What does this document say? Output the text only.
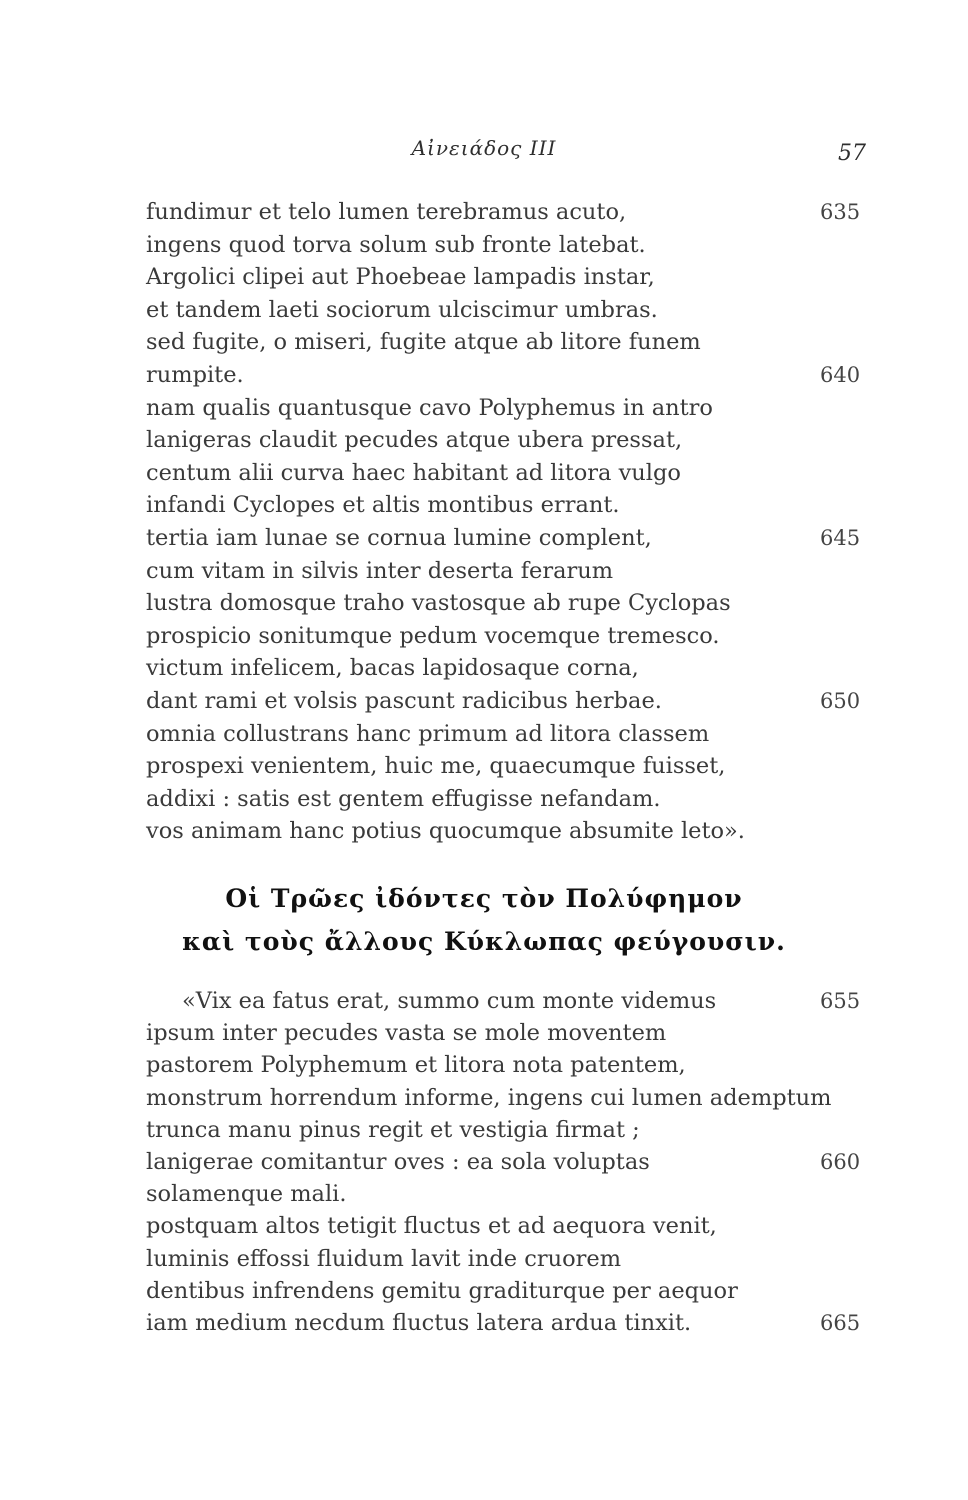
Αἰνειάδος III	57
fundimur et telo lumen terebramus acuto,	635
ingens quod torva solum sub fronte latebat.
Argolici clipei aut Phoebeae lampadis instar,
et tandem laeti sociorum ulciscimur umbras.
sed fugite, o miseri, fugite atque ab litore funem
rumpite.	640
nam qualis quantusque cavo Polyphemus in antro
lanigeras claudit pecudes atque ubera pressat,
centum alii curva haec habitant ad litora vulgo
infandi Cyclopes et altis montibus errant.
tertia iam lunae se cornua lumine complent,	645
cum vitam in silvis inter deserta ferarum
lustra domosque traho vastosque ab rupe Cyclopas
prospicio sonitumque pedum vocemque tremesco.
victum infelicem, bacas lapidosaque corna,
dant rami et volsis pascunt radicibus herbae.	650
omnia collustrans hanc primum ad litora classem
prospexi venientem, huic me, quaecumque fuisset,
addixi : satis est gentem effugisse nefandam.
vos animam hanc potius quocumque absumite leto».
Οἱ Τρῶες ἰδόντες τὸν Πολύφημον
καὶ τοὺς ἄλλους Κύκλωπας φεύγουσιν.
«Vix ea fatus erat, summo cum monte videmus	655
ipsum inter pecudes vasta se mole moventem
pastorem Polyphemum et litora nota patentem,
monstrum horrendum informe, ingens cui lumen ademptum
trunca manu pinus regit et vestigia firmat ;
lanigerae comitantur oves : ea sola voluptas	660
solamenque mali.
postquam altos tetigit fluctus et ad aequora venit,
luminis effossi fluidum lavit inde cruorem
dentibus infrendens gemitu graditurque per aequor
iam medium necdum fluctus latera ardua tinxit.	665
